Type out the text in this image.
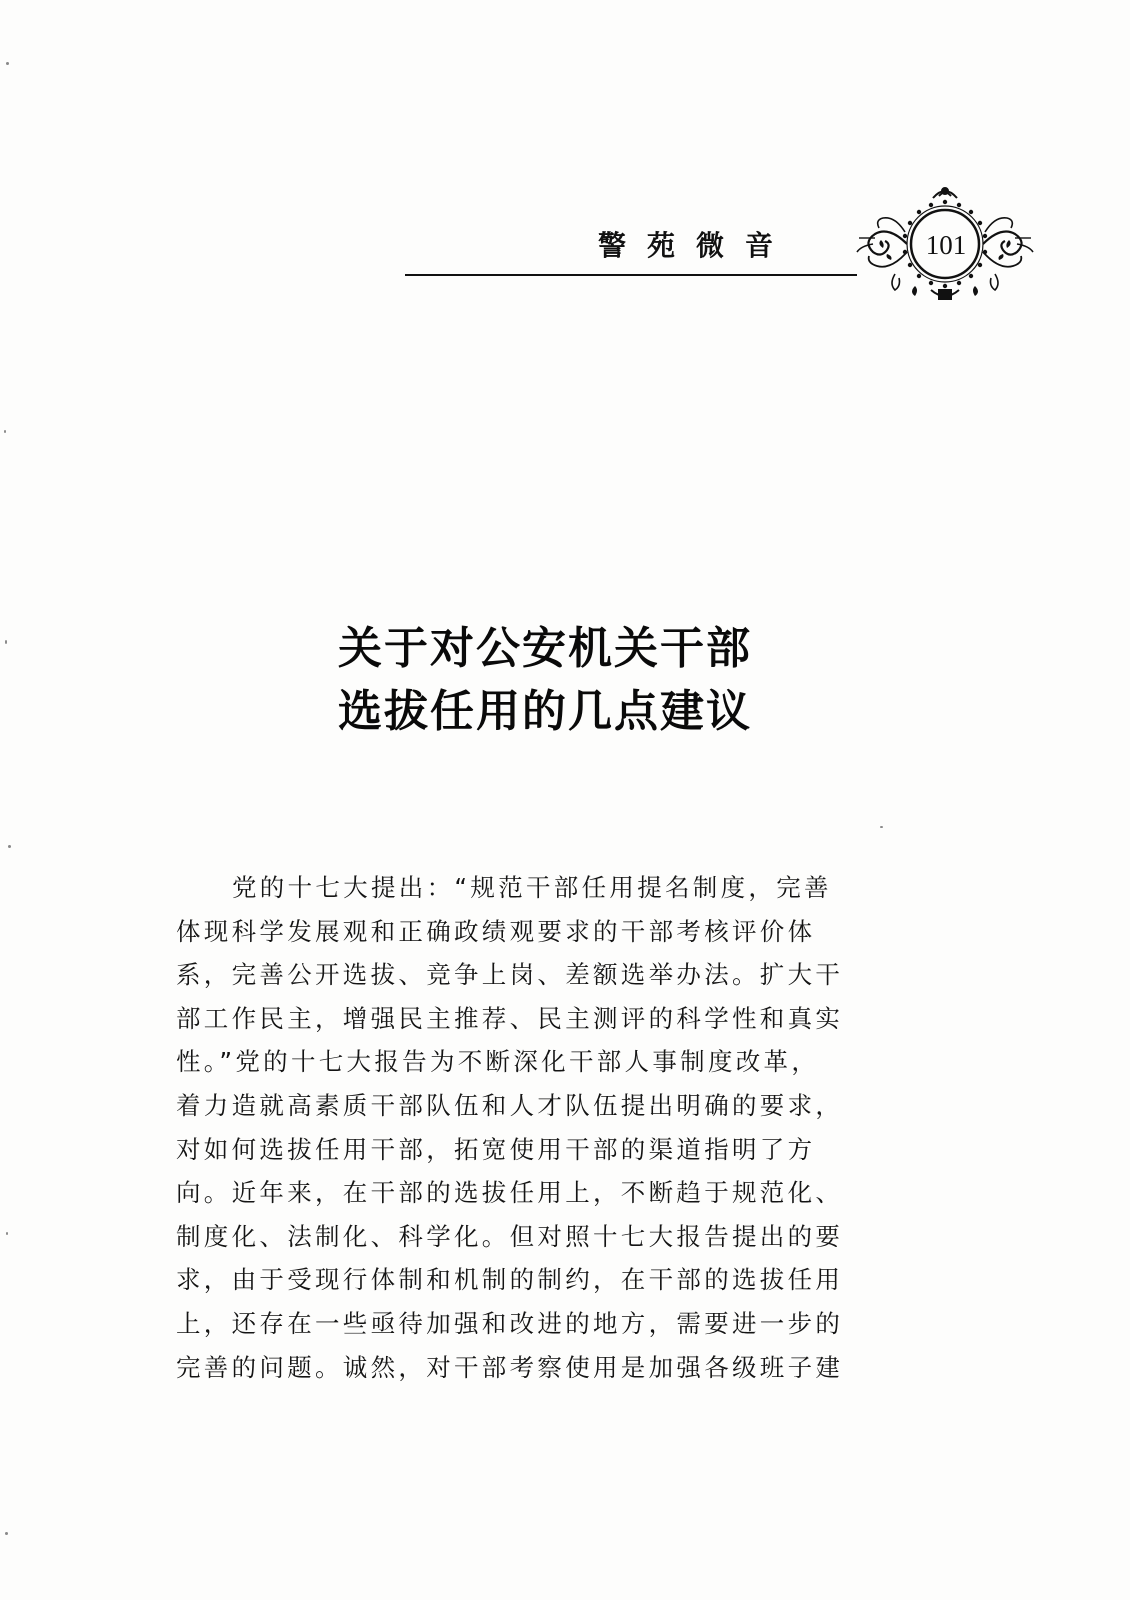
警苑微音	101
关于对公安机关干部
选拔任用的几点建议
党的十七大提出：“规范干部任用提名制度，完善
体现科学发展观和正确政绩观要求的干部考核评价体
系，完善公开选拔、竞争上岗、差额选举办法。扩大干
部工作民主，增强民主推荐、民主测评的科学性和真实
性。”党的十七大报告为不断深化干部人事制度改革，
着力造就高素质干部队伍和人才队伍提出明确的要求，
对如何选拔任用干部，拓宽使用干部的渠道指明了方
向。近年来，在干部的选拔任用上，不断趋于规范化、
制度化、法制化、科学化。但对照十七大报告提出的要
求，由于受现行体制和机制的制约，在干部的选拔任用
上，还存在一些亟待加强和改进的地方，需要进一步的
完善的问题。诚然，对干部考察使用是加强各级班子建
